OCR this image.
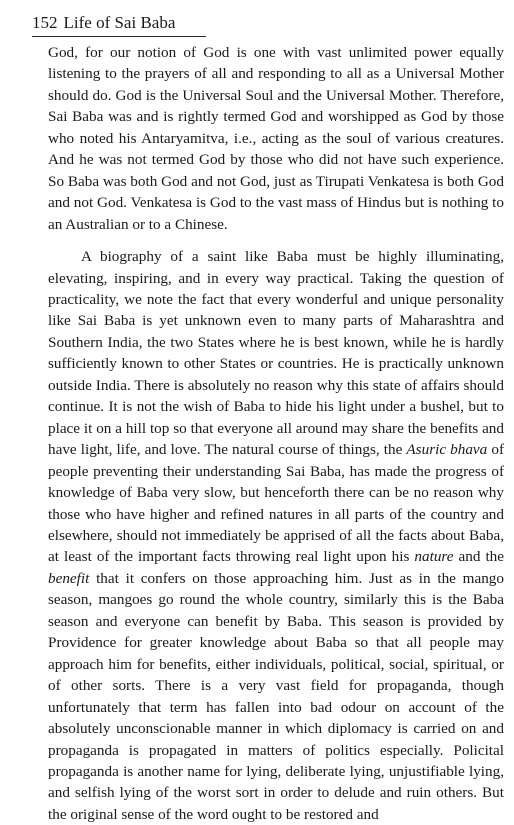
152 Life of Sai Baba

God, for our notion of God is one with vast unlimited power equally listening to the prayers of all and responding to all as a Universal Mother should do. God is the Universal Soul and the Universal Mother. Therefore, Sai Baba was and is rightly termed God and worshipped as God by those who noted his Antaryamitva, i.e., acting as the soul of various creatures. And he was not termed God by those who did not have such experience. So Baba was both God and not God, just as Tirupati Venkatesa is both God and not God. Venkatesa is God to the vast mass of Hindus but is nothing to an Australian or to a Chinese.

A biography of a saint like Baba must be highly illuminating, elevating, inspiring, and in every way practical. Taking the question of practicality, we note the fact that every wonderful and unique personality like Sai Baba is yet unknown even to many parts of Maharashtra and Southern India, the two States where he is best known, while he is hardly sufficiently known to other States or countries. He is practically unknown outside India. There is absolutely no reason why this state of affairs should continue. It is not the wish of Baba to hide his light under a bushel, but to place it on a hill top so that everyone all around may share the benefits and have light, life, and love. The natural course of things, the Asuric bhava of people preventing their understanding Sai Baba, has made the progress of knowledge of Baba very slow, but henceforth there can be no reason why those who have higher and refined natures in all parts of the country and elsewhere, should not immediately be apprised of all the facts about Baba, at least of the important facts throwing real light upon his nature and the benefit that it confers on those approaching him. Just as in the mango season, mangoes go round the whole country, similarly this is the Baba season and everyone can benefit by Baba. This season is provided by Providence for greater knowledge about Baba so that all people may approach him for benefits, either individuals, political, social, spiritual, or of other sorts. There is a very vast field for propaganda, though unfortunately that term has fallen into bad odour on account of the absolutely unconscionable manner in which diplomacy is carried on and propaganda is propagated in matters of politics especially. Policital propaganda is another name for lying, deliberate lying, unjustifiable lying, and selfish lying of the worst sort in order to delude and ruin others. But the original sense of the word ought to be restored and
